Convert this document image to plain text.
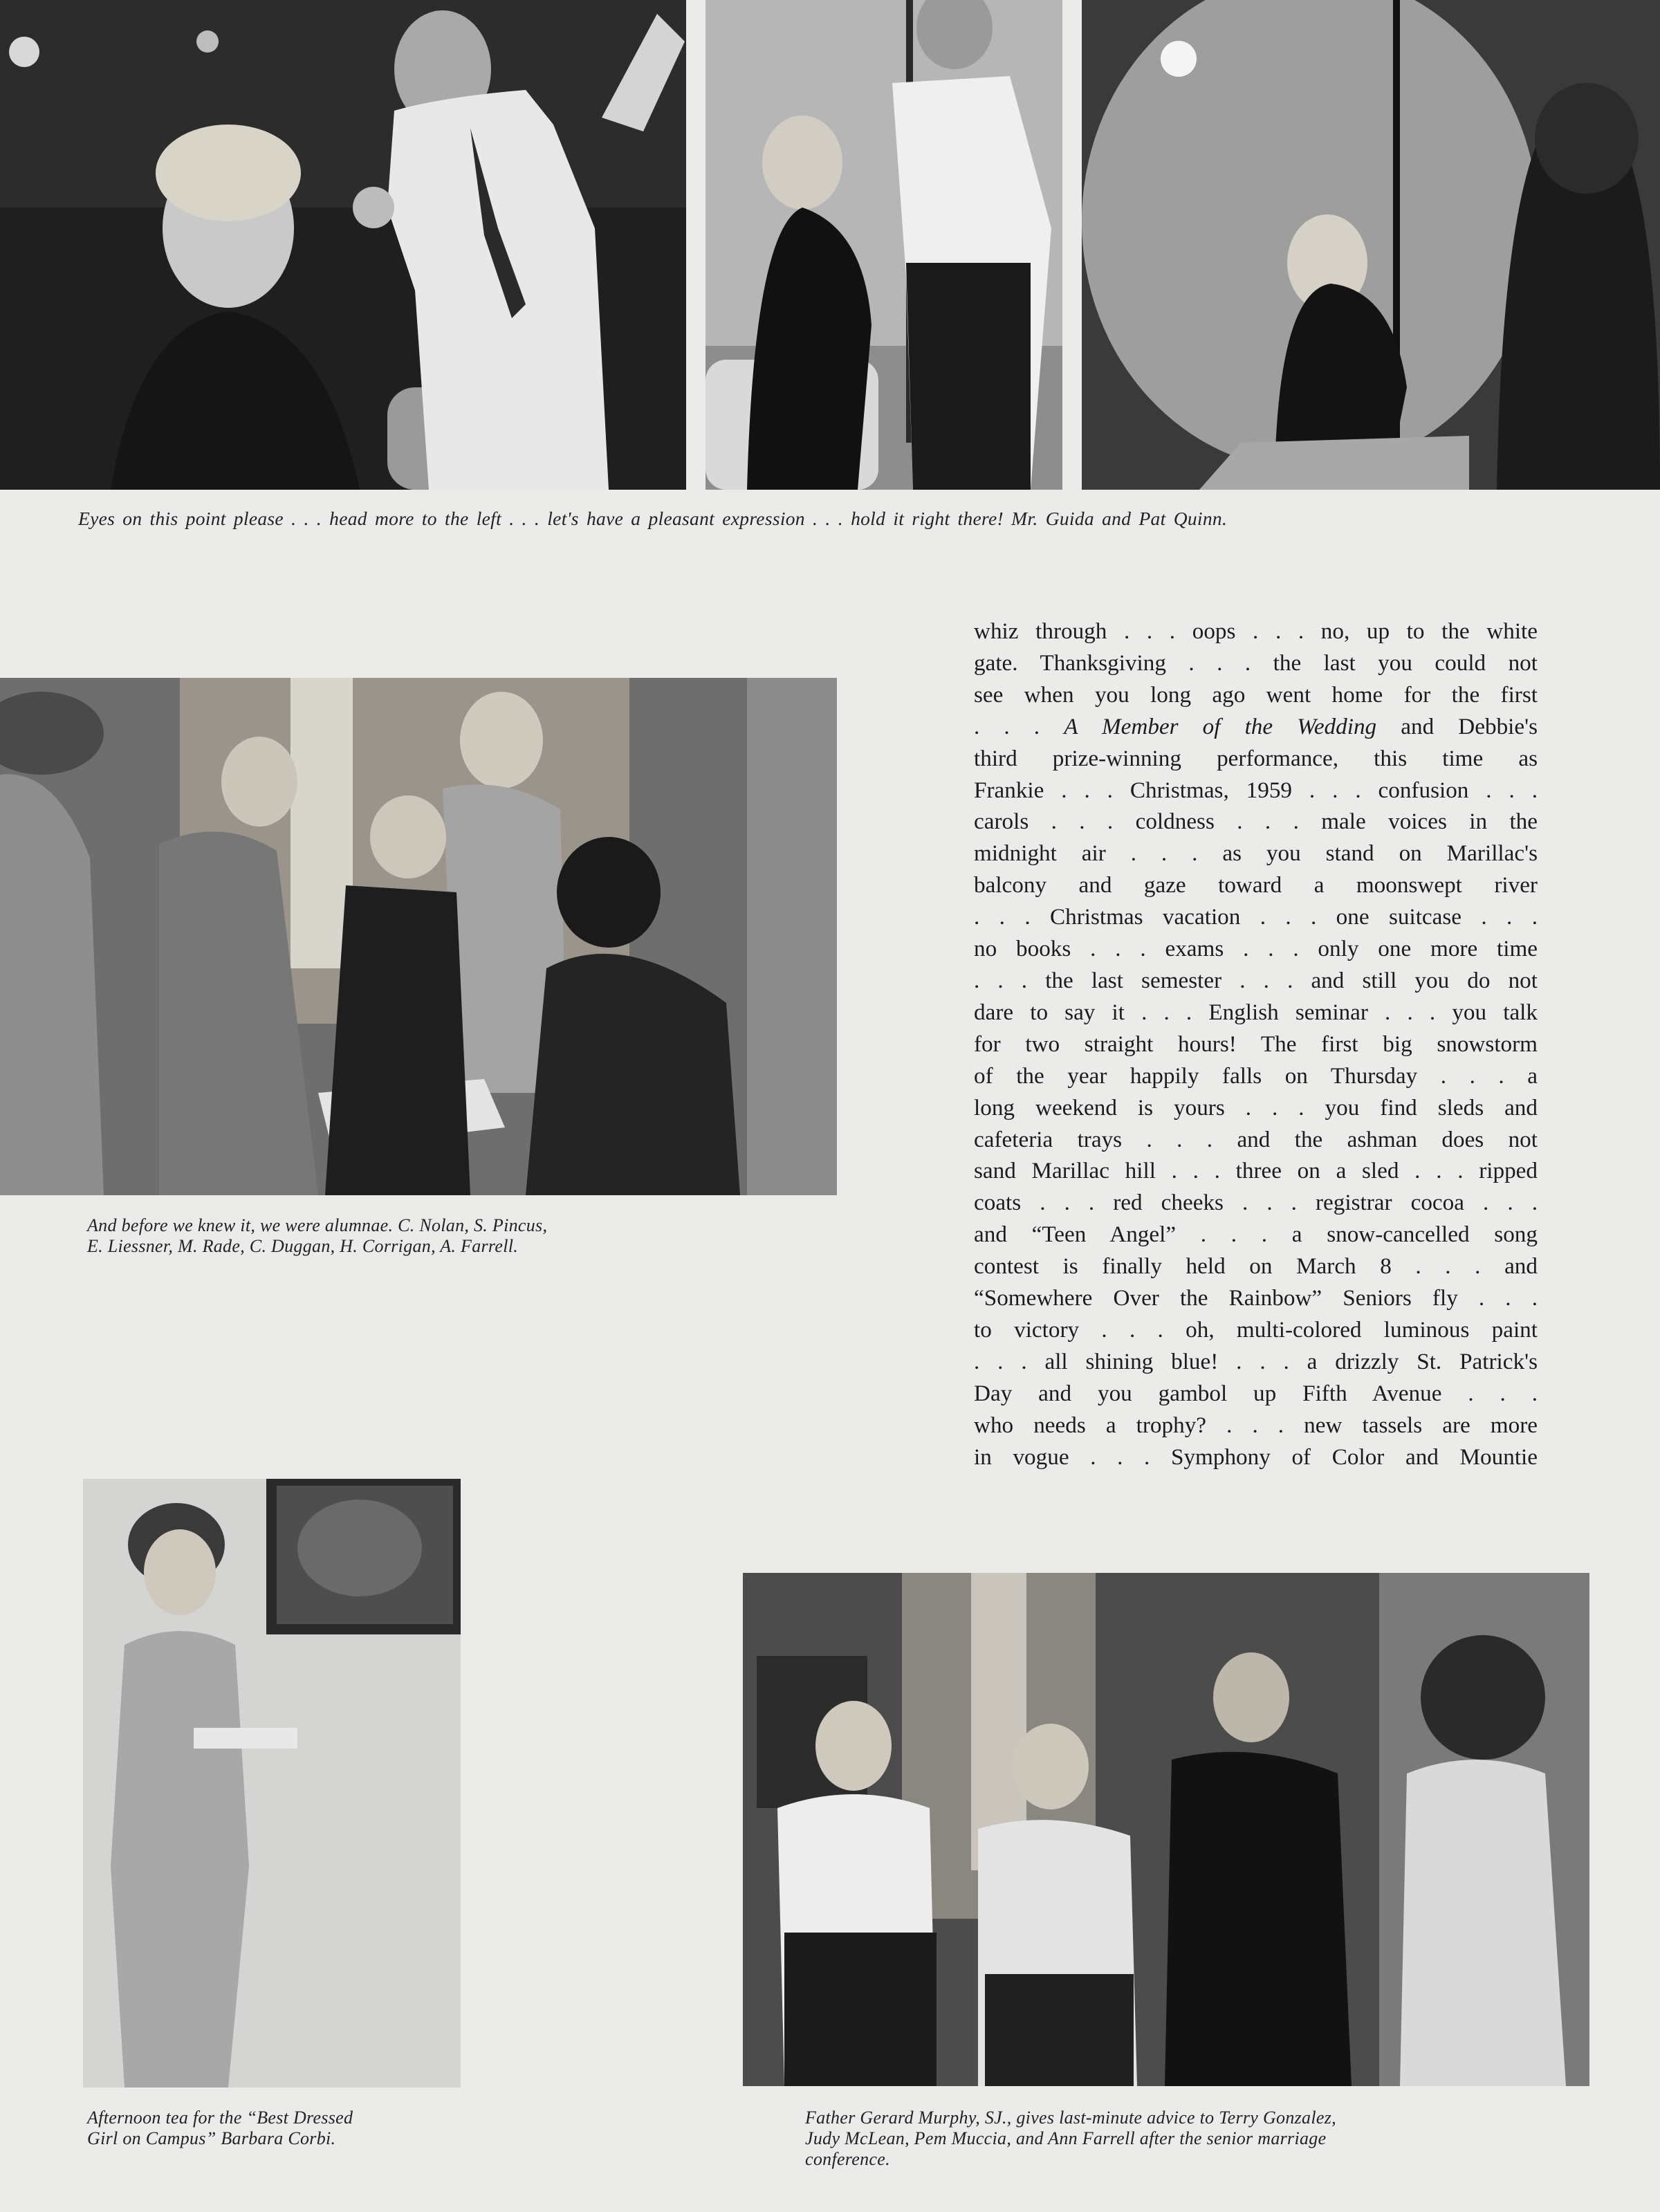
Eyes on this point please . . . head more to the left . . . let's have a pleasant expression . . . hold it right there! Mr. Guida and Pat Quinn.
And before we knew it, we were alumnae. C. Nolan, S. Pincus,
E. Liessner, M. Rade, C. Duggan, H. Corrigan, A. Farrell.
whiz through . . . oops . . . no, up to the white
gate. Thanksgiving . . . the last you could not
see when you long ago went home for the first
. . . A Member of the Wedding and Debbie's
third prize-winning performance, this time as
Frankie . . . Christmas, 1959 . . . confusion . . .
carols . . . coldness . . . male voices in the
midnight air . . . as you stand on Marillac's
balcony and gaze toward a moonswept river
. . . Christmas vacation . . . one suitcase . . .
no books . . . exams . . . only one more time
. . . the last semester . . . and still you do not
dare to say it . . . English seminar . . . you talk
for two straight hours! The first big snowstorm
of the year happily falls on Thursday . . . a
long weekend is yours . . . you find sleds and
cafeteria trays . . . and the ashman does not
sand Marillac hill . . . three on a sled . . . ripped
coats . . . red cheeks . . . registrar cocoa . . .
and “Teen Angel” . . . a snow-cancelled song
contest is finally held on March 8 . . . and
“Somewhere Over the Rainbow” Seniors fly . . .
to victory . . . oh, multi-colored luminous paint
. . . all shining blue! . . . a drizzly St. Patrick's
Day and you gambol up Fifth Avenue . . .
who needs a trophy? . . . new tassels are more
in vogue . . . Symphony of Color and Mountie
Afternoon tea for the “Best Dressed
Girl on Campus” Barbara Corbi.
Father Gerard Murphy, SJ., gives last-minute advice to Terry Gonzalez,
Judy McLean, Pem Muccia, and Ann Farrell after the senior marriage
conference.
